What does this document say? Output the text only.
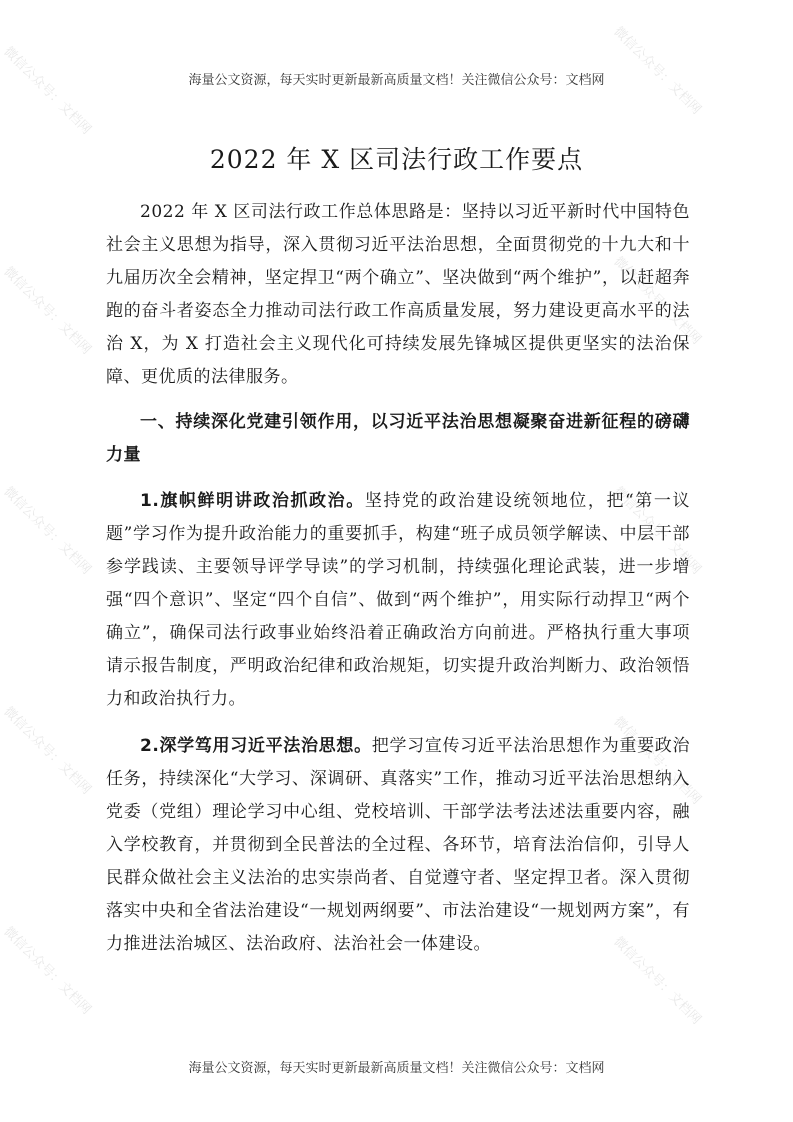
微信公众号：文档网	微信公众号：文档网
微信公众号：文档网	微信公众号：文档网
微信公众号：文档网	微信公众号：文档网
微信公众号：文档网	微信公众号：文档网
微信公众号：文档网	微信公众号：文档网
海量公文资源，每天实时更新最新高质量文档！关注微信公众号：文档网
2022 年 X 区司法行政工作要点

2022 年 X 区司法行政工作总体思路是：坚持以习近平新时代中国特色社会主义思想为指导，深入贯彻习近平法治思想，全面贯彻党的十九大和十九届历次全会精神，坚定捍卫“两个确立”、坚决做到“两个维护”，以赶超奔跑的奋斗者姿态全力推动司法行政工作高质量发展，努力建设更高水平的法治 X，为 X 打造社会主义现代化可持续发展先锋城区提供更坚实的法治保障、更优质的法律服务。

一、持续深化党建引领作用，以习近平法治思想凝聚奋进新征程的磅礴力量

1.旗帜鲜明讲政治抓政治。坚持党的政治建设统领地位，把“第一议题”学习作为提升政治能力的重要抓手，构建“班子成员领学解读、中层干部参学践读、主要领导评学导读”的学习机制，持续强化理论武装，进一步增强“四个意识”、坚定“四个自信”、做到“两个维护”，用实际行动捍卫“两个确立”，确保司法行政事业始终沿着正确政治方向前进。严格执行重大事项请示报告制度，严明政治纪律和政治规矩，切实提升政治判断力、政治领悟力和政治执行力。

2.深学笃用习近平法治思想。把学习宣传习近平法治思想作为重要政治任务，持续深化“大学习、深调研、真落实”工作，推动习近平法治思想纳入党委（党组）理论学习中心组、党校培训、干部学法考法述法重要内容，融入学校教育，并贯彻到全民普法的全过程、各环节，培育法治信仰，引导人民群众做社会主义法治的忠实崇尚者、自觉遵守者、坚定捍卫者。深入贯彻落实中央和全省法治建设“一规划两纲要”、市法治建设“一规划两方案”，有力推进法治城区、法治政府、法治社会一体建设。

海量公文资源，每天实时更新最新高质量文档！关注微信公众号：文档网
